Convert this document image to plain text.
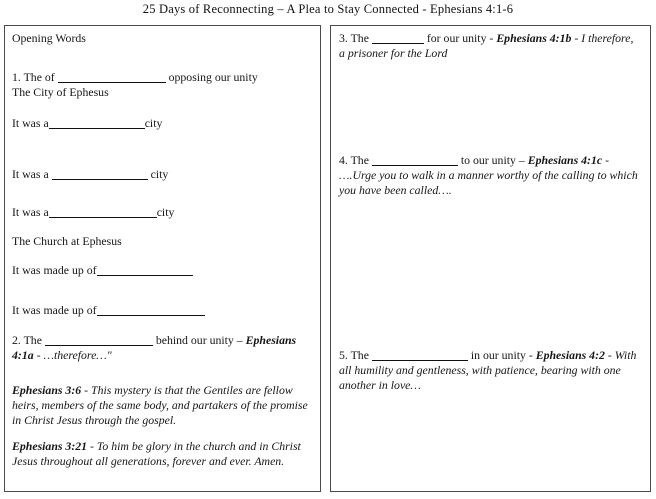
25 Days of Reconnecting – A Plea to Stay Connected - Ephesians 4:1-6
Opening Words
1. The of	opposing our unity
The City of Ephesus
It was a	city
It was a	city
It was a	city
The Church at Ephesus
It was made up of
It was made up of
2. The	behind our unity – Ephesians 4:1a - …therefore…"
Ephesians 3:6 - This mystery is that the Gentiles are fellow heirs, members of the same body, and partakers of the promise in Christ Jesus through the gospel.
Ephesians 3:21 - To him be glory in the church and in Christ Jesus throughout all generations, forever and ever. Amen.
3. The	for our unity - Ephesians 4:1b - I therefore, a prisoner for the Lord
4. The	to our unity – Ephesians 4:1c - ….Urge you to walk in a manner worthy of the calling to which you have been called….
5. The	in our unity - Ephesians 4:2 - With all humility and gentleness, with patience, bearing with one another in love…
